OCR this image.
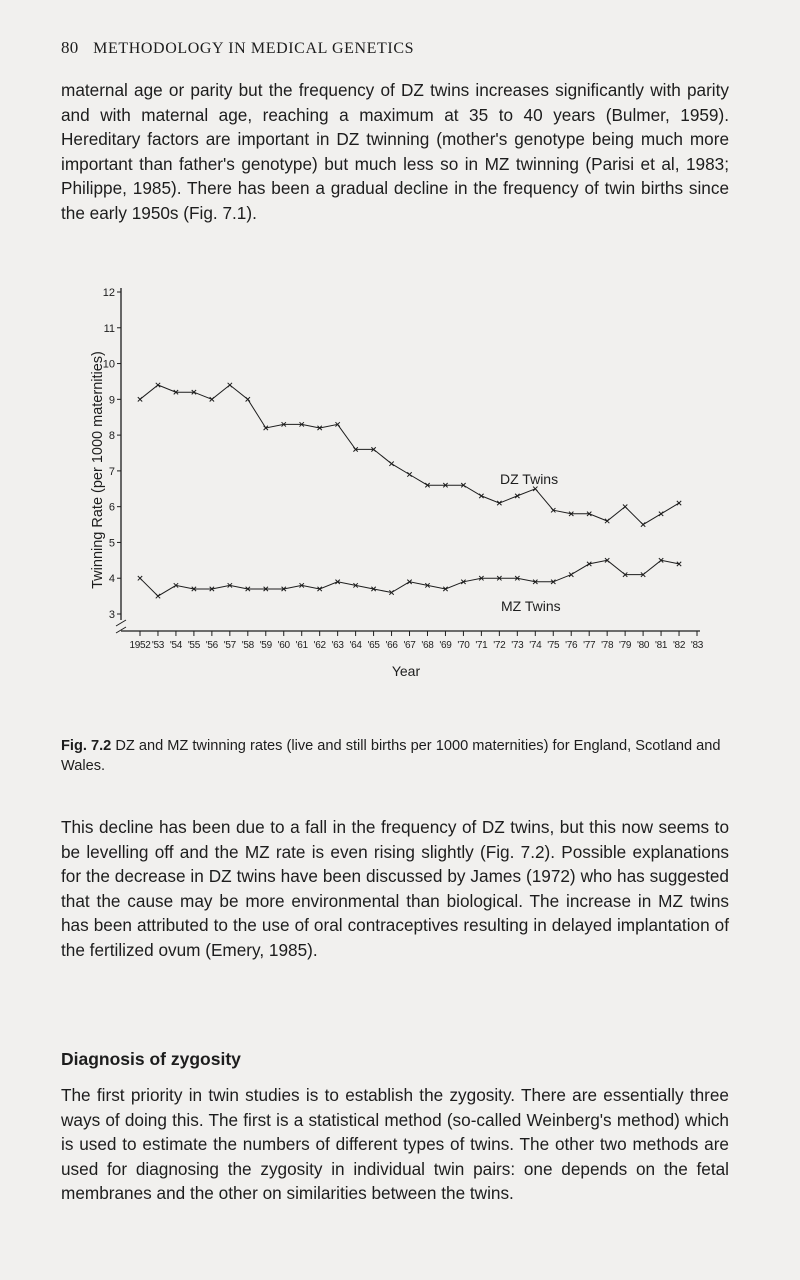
80 METHODOLOGY IN MEDICAL GENETICS

maternal age or parity but the frequency of DZ twins increases significantly with parity and with maternal age, reaching a maximum at 35 to 40 years (Bulmer, 1959). Hereditary factors are important in DZ twinning (mother's genotype being much more important than father's genotype) but much less so in MZ twinning (Parisi et al, 1983; Philippe, 1985). There has been a gradual decline in the frequency of twin births since the early 1950s (Fig. 7.1).

3
4
5
6
7
8
9
10
11
12
1952 '53 '54 '55 '56 '57 '58 '59 '60 '61 '62 '63 '64 '65 '66 '67 '68 '69 '70 '71 '72 '73 '74 '75 '76 '77 '78 '79 '80 '81 '82 '83
Twinning Rate (per 1000 maternities)
Year
DZ Twins
MZ Twins

Fig. 7.2 DZ and MZ twinning rates (live and still births per 1000 maternities) for England, Scotland and Wales.

This decline has been due to a fall in the frequency of DZ twins, but this now seems to be levelling off and the MZ rate is even rising slightly (Fig. 7.2). Possible explanations for the decrease in DZ twins have been discussed by James (1972) who has suggested that the cause may be more environmental than biological. The increase in MZ twins has been attributed to the use of oral contraceptives resulting in delayed implantation of the fertilized ovum (Emery, 1985).

Diagnosis of zygosity

The first priority in twin studies is to establish the zygosity. There are essentially three ways of doing this. The first is a statistical method (so-called Weinberg's method) which is used to estimate the numbers of different types of twins. The other two methods are used for diagnosing the zygosity in individual twin pairs: one depends on the fetal membranes and the other on similarities between the twins.
